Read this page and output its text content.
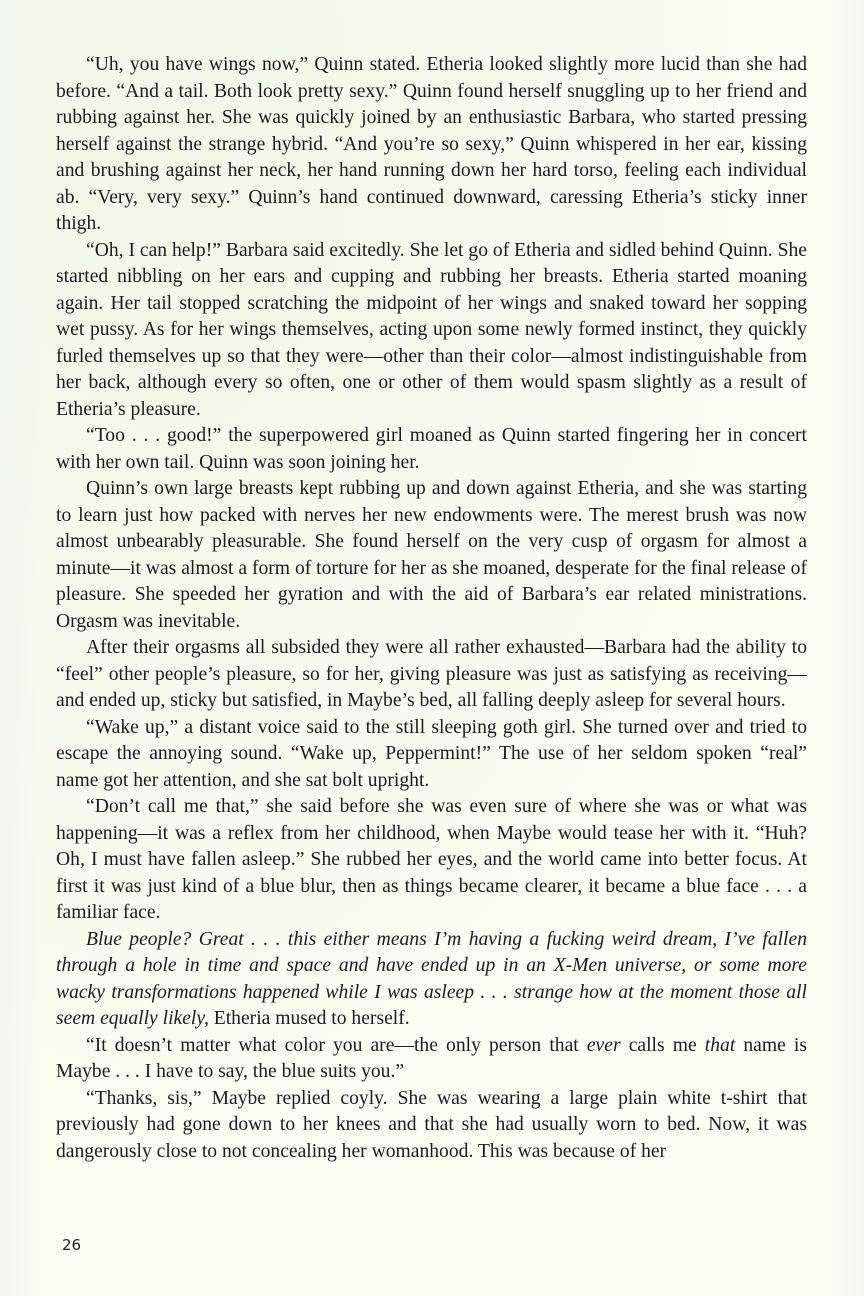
“Uh, you have wings now,” Quinn stated. Etheria looked slightly more lucid than she had before. “And a tail. Both look pretty sexy.” Quinn found herself snuggling up to her friend and rubbing against her. She was quickly joined by an enthusiastic Barbara, who started pressing herself against the strange hybrid. “And you’re so sexy,” Quinn whispered in her ear, kissing and brushing against her neck, her hand running down her hard torso, feeling each individual ab. “Very, very sexy.” Quinn’s hand continued downward, caressing Etheria’s sticky inner thigh.

“Oh, I can help!” Barbara said excitedly. She let go of Etheria and sidled behind Quinn. She started nibbling on her ears and cupping and rubbing her breasts. Etheria started moaning again. Her tail stopped scratching the midpoint of her wings and snaked toward her sopping wet pussy. As for her wings themselves, acting upon some newly formed instinct, they quickly furled themselves up so that they were—other than their color—almost indistinguishable from her back, although every so often, one or other of them would spasm slightly as a result of Etheria’s pleasure.

“Too . . . good!” the superpowered girl moaned as Quinn started fingering her in concert with her own tail. Quinn was soon joining her.

Quinn’s own large breasts kept rubbing up and down against Etheria, and she was starting to learn just how packed with nerves her new endowments were. The merest brush was now almost unbearably pleasurable. She found herself on the very cusp of orgasm for almost a minute—it was almost a form of torture for her as she moaned, desperate for the final release of pleasure. She speeded her gyration and with the aid of Barbara’s ear related ministrations. Orgasm was inevitable.

After their orgasms all subsided they were all rather exhausted—Barbara had the ability to “feel” other people’s pleasure, so for her, giving pleasure was just as satisfying as receiving—and ended up, sticky but satisfied, in Maybe’s bed, all falling deeply asleep for several hours.

“Wake up,” a distant voice said to the still sleeping goth girl. She turned over and tried to escape the annoying sound. “Wake up, Peppermint!” The use of her seldom spoken “real” name got her attention, and she sat bolt upright.

“Don’t call me that,” she said before she was even sure of where she was or what was happening—it was a reflex from her childhood, when Maybe would tease her with it. “Huh? Oh, I must have fallen asleep.” She rubbed her eyes, and the world came into better focus. At first it was just kind of a blue blur, then as things became clearer, it became a blue face . . . a familiar face.

Blue people? Great . . . this either means I’m having a fucking weird dream, I’ve fallen through a hole in time and space and have ended up in an X-Men universe, or some more wacky transformations happened while I was asleep . . . strange how at the moment those all seem equally likely, Etheria mused to herself.

“It doesn’t matter what color you are—the only person that ever calls me that name is Maybe . . . I have to say, the blue suits you.”

“Thanks, sis,” Maybe replied coyly. She was wearing a large plain white t-shirt that previously had gone down to her knees and that she had usually worn to bed. Now, it was dangerously close to not concealing her womanhood. This was because of her

26
